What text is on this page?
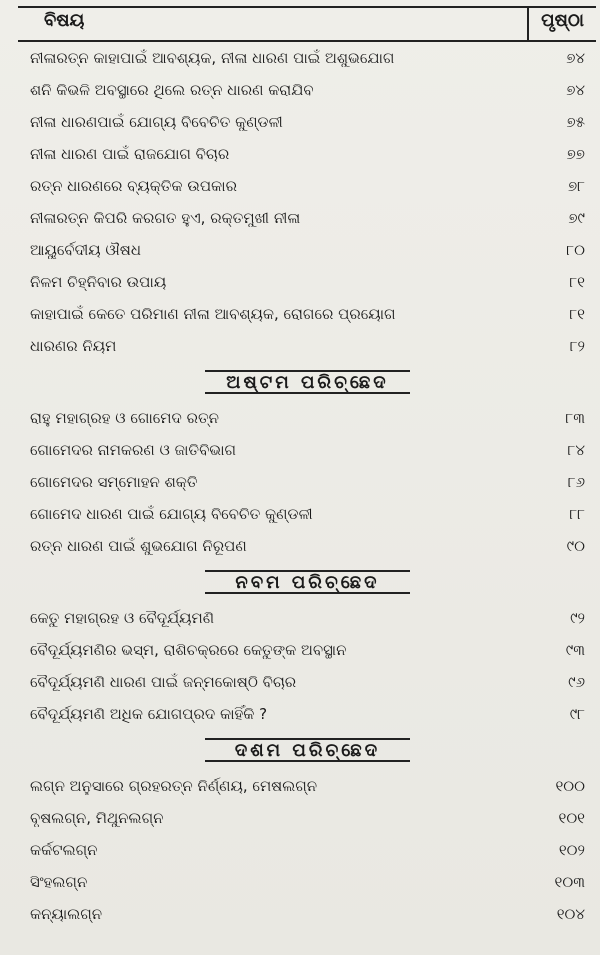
ବିଷୟ	ପୃଷ୍ଠା
ନୀଳାରତ୍ନ କାହାପାଇଁ ଆବଶ୍ୟକ, ନୀଳା ଧାରଣ ପାଇଁ ଅଶୁଭଯୋଗ	୭୪
ଶନି କିଭଳି ଅବସ୍ଥାରେ ଥିଲେ ରତ୍ନ ଧାରଣ କରାଯିବ	୭୪
ନୀଳା ଧାରଣପାଇଁ ଯୋଗ୍ୟ ବିବେଚିତ କୁଣ୍ଡଳୀ	୭୫
ନୀଳା ଧାରଣ ପାଇଁ ରାଜଯୋଗ ବିଚାର	୭୭
ରତ୍ନ ଧାରଣରେ ବ୍ୟକ୍ତିକ ଉପକାର	୭୮
ନୀଳାରତ୍ନ କିପରି କରଗତ ହୁଏ, ରକ୍ତମୁଖୀ ନୀଳା	୭୯
ଆୟୁର୍ବେଦୀୟ ଔଷଧ	୮୦
ନିଳମ ଚିହ୍ନିବାର ଉପାୟ	୮୧
କାହାପାଇଁ କେତେ ପରିମାଣ ନୀଳା ଆବଶ୍ୟକ, ରୋଗରେ ପ୍ରୟୋଗ	୮୧
ଧାରଣର ନିୟମ	୮୨
ଅଷ୍ଟମ ପରିଚ୍ଛେଦ
ରାହୁ ମହାଗ୍ରହ ଓ ଗୋମେଦ ରତ୍ନ	୮୩
ଗୋମେଦର ନାମକରଣ ଓ ଜାତିବିଭାଗ	୮୪
ଗୋମେଦର ସମ୍ମୋହନ ଶକ୍ତି	୮୬
ଗୋମେଦ ଧାରଣ ପାଇଁ ଯୋଗ୍ୟ ବିବେଚିତ କୁଣ୍ଡଳୀ	୮୮
ରତ୍ନ ଧାରଣ ପାଇଁ ଶୁଭଯୋଗ ନିରୂପଣ	୯୦
ନବମ ପରିଚ୍ଛେଦ
କେତୁ ମହାଗ୍ରହ ଓ ବୈଦୂର୍ଯ୍ୟମଣି	୯୨
ବୈଦୂର୍ଯ୍ୟମଣିର ଭସ୍ମ, ରାଶିଚକ୍ରରେ କେତୁଙ୍କ ଅବସ୍ଥାନ	୯୩
ବୈଦୂର୍ଯ୍ୟମଣି ଧାରଣ ପାଇଁ ଜନ୍ମକୋଷ୍ଠି ବିଚାର	୯୬
ବୈଦୂର୍ଯ୍ୟମଣି ଅଧିକ ଯୋଗପ୍ରଦ କାହିଁକି ?	୯୮
ଦଶମ ପରିଚ୍ଛେଦ
ଲଗ୍ନ ଅନୁସାରେ ଗ୍ରହରତ୍ନ ନିର୍ଣ୍ଣୟ, ମେଷଲଗ୍ନ	୧୦୦
ବୃଷଲଗ୍ନ, ମିଥୁନଲଗ୍ନ	୧୦୧
କର୍କଟଲଗ୍ନ	୧୦୨
ସିଂହଲଗ୍ନ	୧୦୩
କନ୍ୟାଲଗ୍ନ	୧୦୪
